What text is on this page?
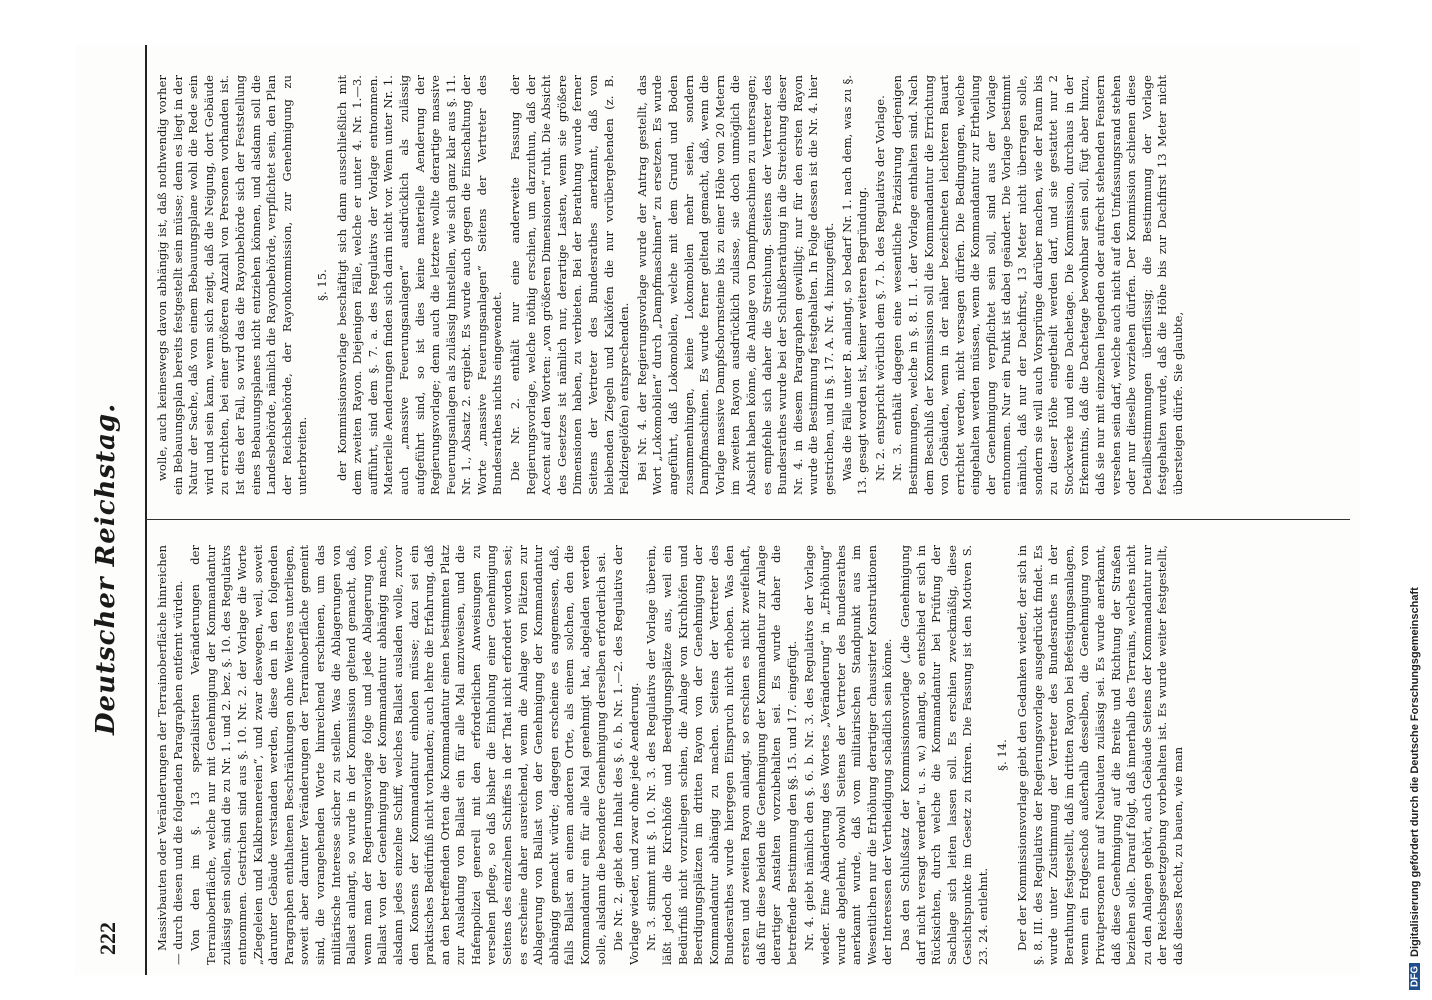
222
Deutscher Reichstag.	Massivbauten oder Veränderungen der Terrainoberfläche hinreichen — durch diesen und die folgenden Paragraphen entfernt würden. Von den im §. 13 spezialisirten Veränderungen der Terrainoberfläche, welche nur mit Genehmigung der Kommandantur zulässig sein sollen, sind die zu Nr. 1. und 2. bez. §. 10. des Regulativs entnommen. Gestrichen sind aus §. 10. Nr. 2. der Vorlage die Worte „Ziegeleien und Kalkbrennereien“, und zwar deswegen, weil, soweit darunter Gebäude verstanden werden, diese den in den folgenden Paragraphen enthaltenen Beschränkungen ohne Weiteres unterliegen, soweit aber darunter Veränderungen der Terrainoberfläche gemeint sind, die vorangehenden Worte hinreichend erschienen, um das militärische Interesse sicher zu stellen. Was die Ablagerungen von Ballast anlangt, so wurde in der Kommission geltend gemacht, daß, wenn man der Regierungsvorlage folge und jede Ablagerung von Ballast von der Genehmigung der Kommandantur abhängig mache, alsdann jedes einzelne Schiff, welches Ballast ausladen wolle, zuvor den Konsens der Kommandantur einholen müsse; dazu sei ein praktisches Bedürfniß nicht vorhanden; auch lehre die Erfahrung, daß an den betreffenden Orten die Kommandantur einen bestimmten Platz zur Ausladung von Ballast ein für alle Mal anzuweisen, und die Hafenpolizei generell mit den erforderlichen Anweisungen zu versehen pflege, so daß bisher die Einholung einer Genehmigung Seitens des einzelnen Schiffes in der That nicht erfordert worden sei; es erscheine daher ausreichend, wenn die Anlage von Plätzen zur Ablagerung von Ballast von der Genehmigung der Kommandantur abhängig gemacht würde; dagegen erscheine es angemessen, daß, falls Ballast an einem anderen Orte, als einem solchen, den die Kommandantur ein für alle Mal genehmigt hat, abgeladen werden solle, alsdann die besondere Genehmigung derselben erforderlich sei. Die Nr. 2. giebt den Inhalt des §. 6. b. Nr. 1.—2. des Regulativs der Vorlage wieder, und zwar ohne jede Aenderung. Nr. 3. stimmt mit §. 10. Nr. 3. des Regulativs der Vorlage überein, läßt jedoch die Kirchhöfe und Beerdigungsplätze aus, weil ein Bedürfniß nicht vorzuliegen schien, die Anlage von Kirchhöfen und Beerdigungsplätzen im dritten Rayon von der Genehmigung der Kommandantur abhängig zu machen. Seitens der Vertreter des Bundesrathes wurde hiergegen Einspruch nicht erhoben. Was den ersten und zweiten Rayon anlangt, so erschien es nicht zweifelhaft, daß für diese beiden die Genehmigung der Kommandantur zur Anlage derartiger Anstalten vorzubehalten sei. Es wurde daher die betreffende Bestimmung den §§. 15. und 17. eingefügt. Nr. 4. giebt nämlich den §. 6. b. Nr. 3. des Regulativs der Vorlage wieder. Eine Abänderung des Wortes „Veränderung“ in „Erhöhung“ wurde abgelehnt, obwohl Seitens der Vertreter des Bundesrathes anerkannt wurde, daß vom militairischen Standpunkt aus im Wesentlichen nur die Erhöhung derartiger chaussirter Konstruktionen der Interessen der Vertheidigung schädlich sein könne. Das den Schlußsatz der Kommissionsvorlage („die Genehmigung darf nicht versagt werden“ u. s. w.) anlangt, so entschied er sich in Rücksichten, durch welche die Kommandantur bei Prüfung der Sachlage sich leiten lassen soll. Es erschien zweckmäßig, diese Gesichtspunkte im Gesetz zu fixiren. Die Fassung ist den Motiven S. 23. 24. entlehnt.

§. 14. Der der Kommissionsvorlage giebt den Gedanken wieder, der sich in §. 8. III. des Regulativs der Regierungsvorlage ausgedrückt findet. Es wurde unter Zustimmung der Vertreter des Bundesrathes in der Berathung festgestellt, daß im dritten Rayon bei Befestigungsanlagen, wenn ein Erdgeschoß außerhalb desselben, die Genehmigung von Privatpersonen nur auf Neubauten zulässig sei. Es wurde anerkannt, daß diese Genehmigung auf die Breite und Richtung der Straßen beziehen solle. Darauf folgt, daß innerhalb des Terrains, welches nicht zu den Anlagen gehört, auch Gebäude Seitens der Kommandantur nur der Reichsgesetzgebung vorbehalten ist. Es wurde weiter festgestellt, daß dieses Recht, zu bauen, wie man

wolle, auch keineswegs davon abhängig ist, daß nothwendig vorher ein Bebauungsplan bereits festgestellt sein müsse; denn es liegt in der Natur der Sache, daß von einem Bebauungsplane wohl die Rede sein wird und sein kann, wenn sich zeigt, daß die Neigung, dort Gebäude zu errichten, bei einer größeren Anzahl von Personen vorhanden ist. Ist dies der Fall, so wird das die Rayonbehörde sich der Feststellung eines Bebauungsplanes nicht entziehen können, und alsdann soll die Landesbehörde, nämlich die Rayonbehörde, verpflichtet sein, den Plan der Reichsbehörde, der Rayonkommission, zur Genehmigung zu unterbreiten.

§. 15. der Kommissionsvorlage beschäftigt sich dann ausschließlich mit dem zweiten Rayon. Diejenigen Fälle, welche er unter 4. Nr. 1.—3. aufführt, sind dem §. 7. a. des Regulativs der Vorlage entnommen. Materielle Aenderungen finden sich darin nicht vor. Wenn unter Nr. 1. auch „massive Feuerungsanlagen“ ausdrücklich als zulässig aufgeführt sind, so ist dies keine materielle Aenderung der Regierungsvorlage; denn auch die letztere wollte derartige massive Feuerungsanlagen als zulässig hinstellen, wie sich ganz klar aus §. 11. Nr. 1., Absatz 2. ergiebt. Es wurde auch gegen die Einschaltung der Worte „massive Feuerungsanlagen“ Seitens der Vertreter des Bundesrathes nichts eingewendet. Die Nr. 2. enthält nur eine anderweite Fassung der Regierungsvorlage, welche nöthig erschien, um darzuthun, daß der Accent auf den Worten: „von größeren Dimensionen“ ruht. Die Absicht des Gesetzes ist nämlich nur, derartige Lasten, wenn sie größere Dimensionen haben, zu verbieten. Bei der Berathung wurde ferner Seitens der Vertreter des Bundesrathes anerkannt, daß von bleibenden Ziegeln und Kalköfen die nur vorübergehenden (z. B. Feldziegelöfen) entsprechenden. Bei Nr. 4. der Regierungsvorlage wurde der Antrag gestellt, das Wort „Lokomobilen“ durch „Dampfmaschinen“ zu ersetzen. Es wurde angeführt, daß Lokomobilen, welche mit dem Grund und Boden zusammenhingen, keine Lokomobilen mehr seien, sondern Dampfmaschinen. Es wurde ferner geltend gemacht, daß, wenn die Vorlage massive Dampfschornsteine bis zu einer Höhe von 20 Metern im zweiten Rayon ausdrücklich zulasse, sie doch unmöglich die Absicht haben könne, die Anlage von Dampfmaschinen zu untersagen; es empfehle sich daher die Streichung. Seitens der Vertreter des Bundesrathes wurde bei der Schlußberathung in die Streichung dieser Nr. 4. in diesem Paragraphen gewilligt; nur für den ersten Rayon wurde die Bestimmung festgehalten. In Folge dessen ist die Nr. 4. hier gestrichen, und in §. 17. A. Nr. 4. hinzugefügt. Was die Fälle unter B. anlangt, so bedarf Nr. 1. nach dem, was zu §. 13. gesagt worden ist, keiner weiteren Begründung. Nr. 2. entspricht wörtlich dem §. 7. b. des Regulativs der Vorlage. Nr. 3. enthält dagegen eine wesentliche Präzisirung derjenigen Bestimmungen, welche in §. 8. II. 1. der Vorlage enthalten sind. Nach dem Beschluß der Kommission soll die Kommandantur die Errichtung von Gebäuden, wenn in der näher bezeichneten leichteren Bauart errichtet werden, nicht versagen dürfen. Die Bedingungen, welche eingehalten werden müssen, wenn die Kommandantur zur Ertheilung der Genehmigung verpflichtet sein soll, sind aus der Vorlage entnommen. Nur ein Punkt ist dabei geändert. Die Vorlage bestimmt nämlich, daß nur der Dachfirst, 13 Meter nicht überragen solle, sondern sie will auch Vorsprünge darüber machen, wie der Raum bis zu dieser Höhe eingetheilt werden darf, und sie gestattet nur 2 Stockwerke und eine Dachetage. Die Kommission, durchaus in der Erkenntnis, daß die Dachetage bewohnbar sein soll, fügt aber hinzu, daß sie nur mit einzelnen liegenden oder aufrecht stehenden Fenstern versehen sein darf, welche auch nicht auf den Umfassungsrand stehen oder nur dieselbe vorziehen dürfen. Der Kommission schienen diese Detailbestimmungen überflüssig; die Bestimmung der Vorlage festgehalten wurde, daß die Höhe bis zur Dachfirst 13 Meter nicht übersteigen dürfe. Sie glaubte,

DFG
Digitalisierung gefördert durch die Deutsche Forschungsgemeinschaft
